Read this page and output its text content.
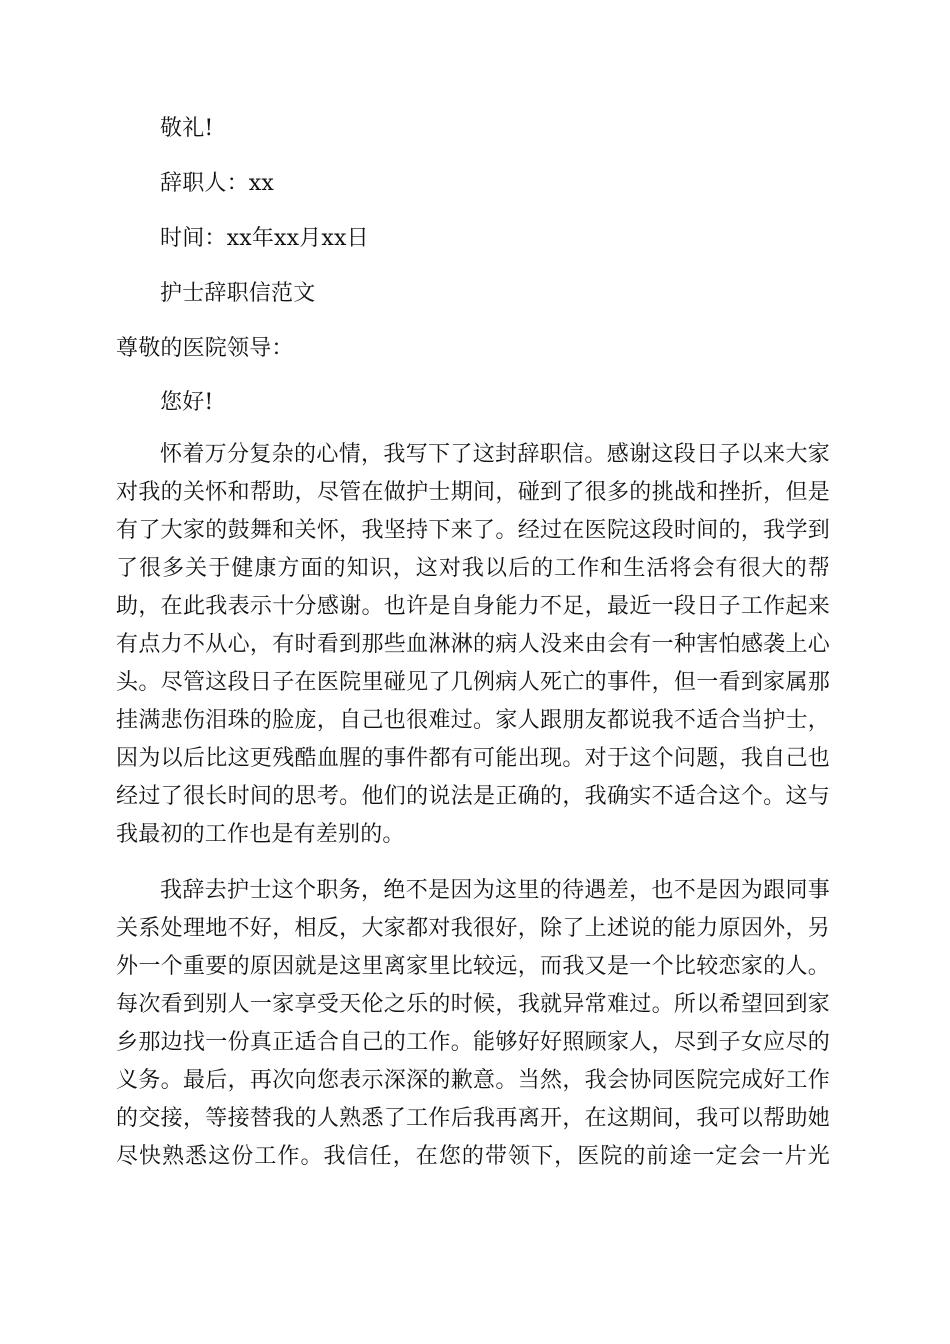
敬礼!
辞职人：xx
时间：xx年xx月xx日
护士辞职信范文
尊敬的医院领导：
您好!
怀着万分复杂的心情，我写下了这封辞职信。感谢这段日子以来大家
对我的关怀和帮助，尽管在做护士期间，碰到了很多的挑战和挫折，但是
有了大家的鼓舞和关怀，我坚持下来了。经过在医院这段时间的，我学到
了很多关于健康方面的知识，这对我以后的工作和生活将会有很大的帮
助，在此我表示十分感谢。也许是自身能力不足，最近一段日子工作起来
有点力不从心，有时看到那些血淋淋的病人没来由会有一种害怕感袭上心
头。尽管这段日子在医院里碰见了几例病人死亡的事件，但一看到家属那
挂满悲伤泪珠的脸庞，自己也很难过。家人跟朋友都说我不适合当护士，
因为以后比这更残酷血腥的事件都有可能出现。对于这个问题，我自己也
经过了很长时间的思考。他们的说法是正确的，我确实不适合这个。这与
我最初的工作也是有差别的。
我辞去护士这个职务，绝不是因为这里的待遇差，也不是因为跟同事
关系处理地不好，相反，大家都对我很好，除了上述说的能力原因外，另
外一个重要的原因就是这里离家里比较远，而我又是一个比较恋家的人。
每次看到别人一家享受天伦之乐的时候，我就异常难过。所以希望回到家
乡那边找一份真正适合自己的工作。能够好好照顾家人，尽到子女应尽的
义务。最后，再次向您表示深深的歉意。当然，我会协同医院完成好工作
的交接，等接替我的人熟悉了工作后我再离开，在这期间，我可以帮助她
尽快熟悉这份工作。我信任，在您的带领下，医院的前途一定会一片光
